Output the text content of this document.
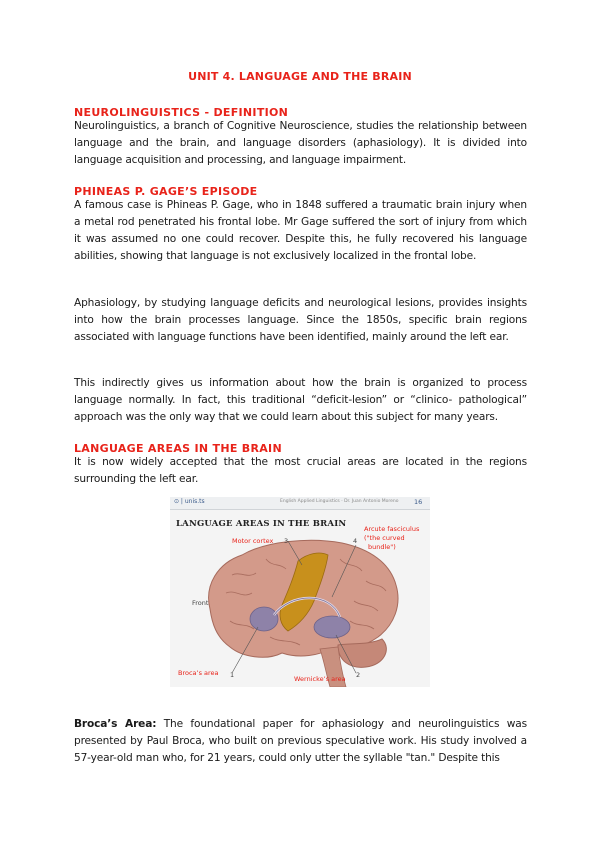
UNIT 4. LANGUAGE AND THE BRAIN
NEUROLINGUISTICS - DEFINITION
Neurolinguistics, a branch of Cognitive Neuroscience, studies the relationship between language and the brain, and language disorders (aphasiology). It is divided into language acquisition and processing, and language impairment.
PHINEAS P. GAGE’S EPISODE
A famous case is Phineas P. Gage, who in 1848 suffered a traumatic brain injury when a metal rod penetrated his frontal lobe. Mr Gage suffered the sort of injury from which it was assumed no one could recover. Despite this, he fully recovered his language abilities, showing that language is not exclusively localized in the frontal lobe.
Aphasiology, by studying language deficits and neurological lesions, provides insights into how the brain processes language. Since the 1850s, specific brain regions associated with language functions have been identified, mainly around the left ear.
This indirectly gives us information about how the brain is organized to process language normally. In fact, this traditional “deficit-lesion” or “clinico- pathological” approach was the only way that we could learn about this subject for many years.
LANGUAGE AREAS IN THE BRAIN
It is now widely accepted that the most crucial areas are located in the regions surrounding the left ear.
⊙ | unis.ts	English Applied Linguistics · Dr. Juan Antonio Moreno 16
LANGUAGE AREAS IN THE BRAIN
Motor cortex 3	4
Arcute fasciculus
("the curved
bundle")
Front
Broca’s area 1	Wernicke’s area 2
Broca’s Area: The foundational paper for aphasiology and neurolinguistics was presented by Paul Broca, who built on previous speculative work. His study involved a 57-year-old man who, for 21 years, could only utter the syllable "tan." Despite this
